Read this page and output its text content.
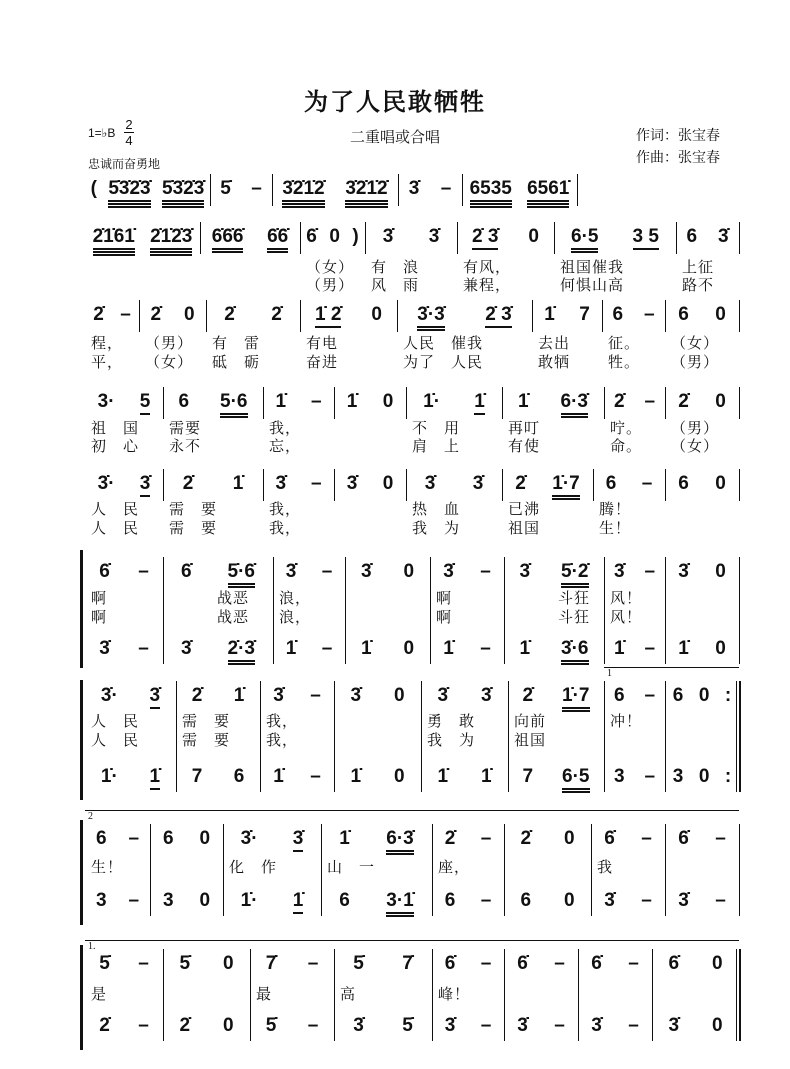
为了人民敢牺牲
二重唱或合唱
1=♭B
2
4
忠诚而奋勇地
作词：张宝春
作曲：张宝春
( 5̇3̇2̇3̇ 5̇3̇2̇3̇ 5̇ – 3̇2̇1̇2̇ 3̇2̇1̇2̇ 3̇ – 6535 6561̇
2̇1̇61̇ 2̇1̇2̇3̇ 6̇6̇6̇ 6̇6̇ 6̇ 0 )
（女）
（男）
3̇ 3̇
有　浪
风　雨
2̇ 3̇ 0
有风，
兼程，
6·5 3 5
祖国催我
何惧山高
6 3̇
上征
路不
2̇ –
程，
平，
2̇ 0
（男）
（女）
2̇ 2̇
有　雷
砥　砺
1̇ 2̇ 0
有电
奋进
3̇·3̇ 2̇ 3̇
人民　催我
为了　人民
1̇ 7
去出
敢牺
6 –
征。
牲。
6 0
（女）
（男）
3· 5
祖　国
初　心
6 5·6
需要
永不
1̇ –
我，
忘，
1̇ 0 1̇· 1̇
不　用
肩　上
1̇ 6·3̇
再叮
有使
2̇ –
咛。
命。
2̇ 0
（男）
（女）
3̇· 3̇
人　民
人　民
2̇ 1̇
需　要
需　要
3̇ –
我，
我，
3̇ 0 3̇ 3̇
热　血
我　为
2̇ 1̇·7
已沸
祖国
6 –
腾！
生！
6 0
6̇ –
啊
啊
3̇ –
6̇ 5̇·6̇
　　　战恶
　　　战恶
3̇ 2̇·3̇
3̇ –
浪，
浪，
1̇ –
3̇ 0
1̇ 0
3̇ –
啊
啊
1̇ –
3̇ 5̇·2̇
　　　斗狂
　　　斗狂
1̇ 3̇·6
3̇ –
风！
风！
1̇ –
3̇ 0
1̇ 0
3̇· 3̇
人　民
人　民
1̇· 1̇
2̇ 1̇
需　要
需　要
7 6
3̇ –
我，
我，
1̇ –
3̇ 0
1̇ 0
3̇ 3̇
勇　敢
我　为
1̇ 1̇
2̇ 1̇·7
向前
祖国
7 6·5
6 –
冲！
3 –
6 0 :
3 0 :
6 –
生！
3 –
6 0
3 0
3̇· 3̇
化　作
1̇· 1̇
1̇ 6·3̇
山　一
6 3·1̇
2̇ –
座，
6 –
2̇ 0
6 0
6̇ –
我
3̇ –
6̇ –
3̇ –
5̇ –
是
2̇ –
5̇ 0
2̇ 0
7̇ –
最
5̇ –
5̇ 7̇
高
3̇ 5̇
6̇ –
峰！
3̇ –
6̇ –
3̇ –
6̇ –
3̇ –
6̇ 0
3̇ 0
1
2
1.
